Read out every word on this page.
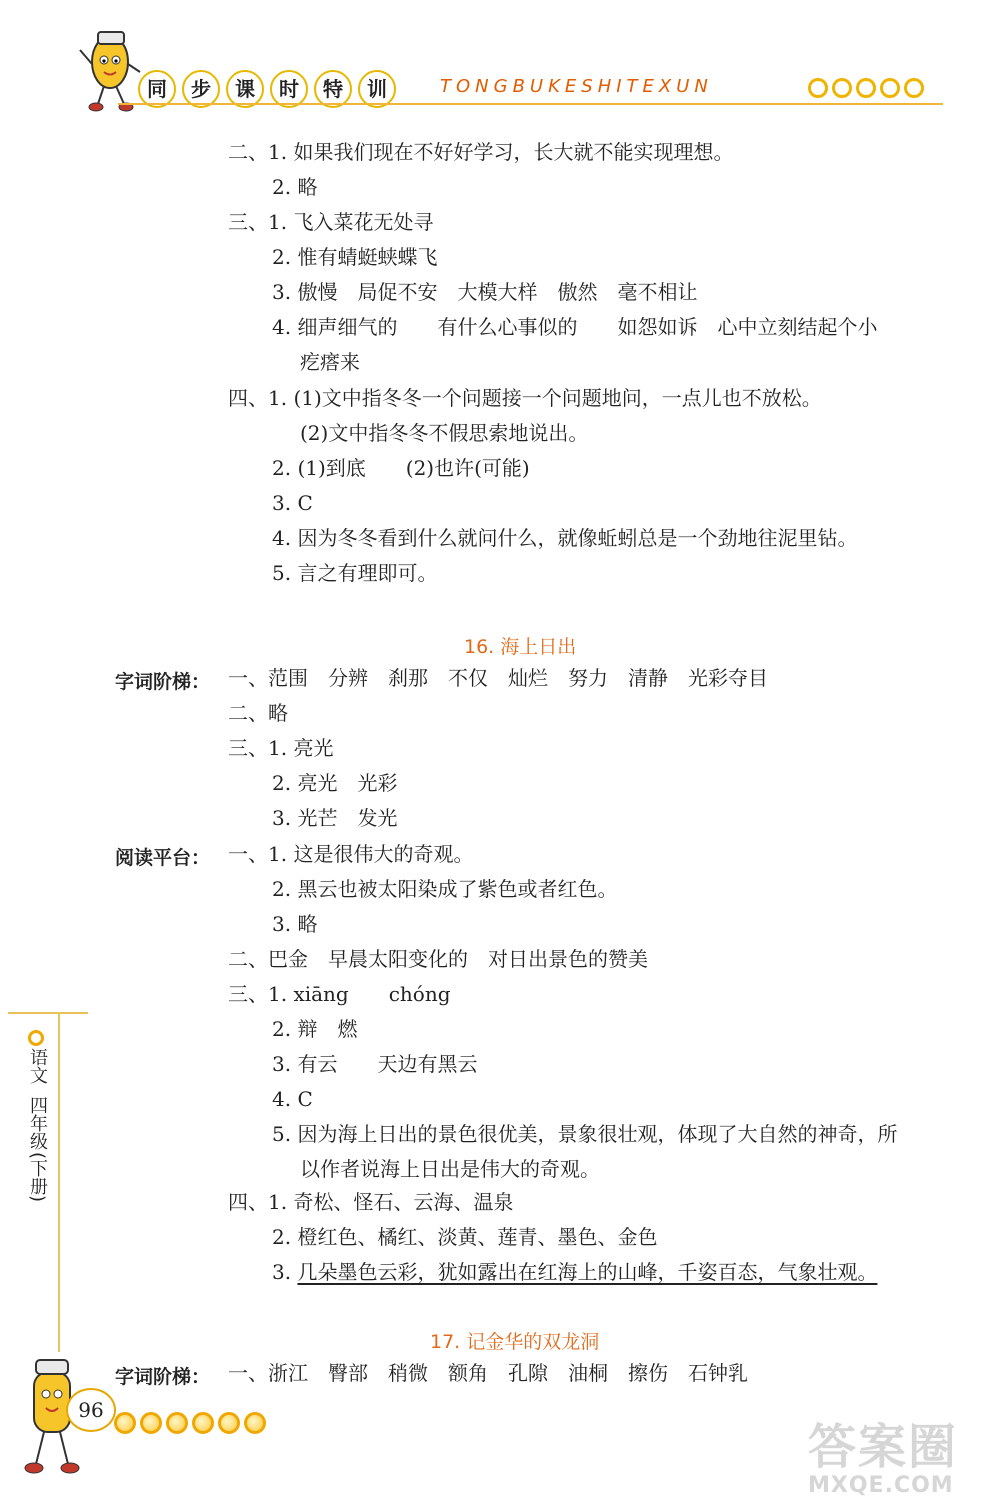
同	步	课	时	特	训	TONGBUKESHITEXUN
二、1. 如果我们现在不好好学习，长大就不能实现理想。
2. 略
三、1. 飞入菜花无处寻
2. 惟有蜻蜓蛱蝶飞
3. 傲慢　局促不安　大模大样　傲然　毫不相让
4. 细声细气的　　有什么心事似的　　如怨如诉　心中立刻结起个小
疙瘩来
四、1. (1)文中指冬冬一个问题接一个问题地问，一点儿也不放松。
(2)文中指冬冬不假思索地说出。
2. (1)到底　　(2)也许(可能)
3. C
4. 因为冬冬看到什么就问什么，就像蚯蚓总是一个劲地往泥里钻。
5. 言之有理即可。
16. 海上日出
字词阶梯： 一、范围　分辨　刹那　不仅　灿烂　努力　清静　光彩夺目
二、略
三、1. 亮光
2. 亮光　光彩
3. 光芒　发光
阅读平台： 一、1. 这是很伟大的奇观。
2. 黑云也被太阳染成了紫色或者红色。
3. 略
二、巴金　早晨太阳变化的　对日出景色的赞美
三、1. xiāng　　chóng
2. 辩　燃
3. 有云　　天边有黑云
4. C
5. 因为海上日出的景色很优美，景象很壮观，体现了大自然的神奇，所
以作者说海上日出是伟大的奇观。
四、1. 奇松、怪石、云海、温泉
2. 橙红色、橘红、淡黄、莲青、墨色、金色
3. 几朵墨色云彩，犹如露出在红海上的山峰，千姿百态，气象壮观。
17. 记金华的双龙洞
字词阶梯： 一、浙江　臀部　稍微　额角　孔隙　油桐　擦伤　石钟乳
语文
四年级
(下册)
96
答案圈
MXQE.COM
